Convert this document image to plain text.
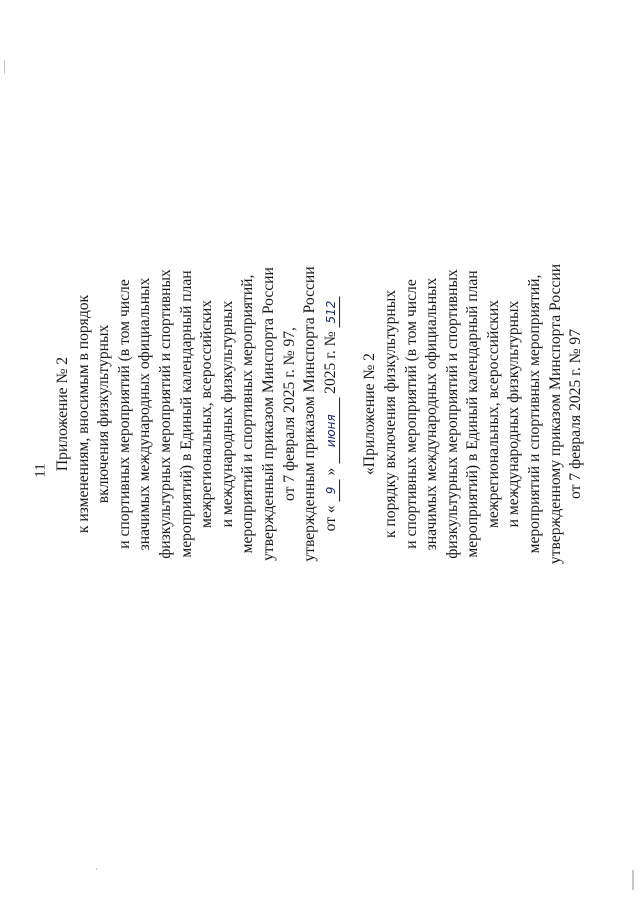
11 Приложение № 2 к изменениям, вносимым в порядок включения физкультурных и спортивных мероприятий (в том числе значимых международных официальных физкультурных мероприятий и спортивных мероприятий) в Единый календарный план межрегиональных, всероссийских и международных физкультурных мероприятий и спортивных мероприятий, утвержденный приказом Минспорта России от 7 февраля 2025 г. № 97, утвержденным приказом Минспорта России от « 9 » июня 2025 г. № 512
«Приложение № 2 к порядку включения физкультурных и спортивных мероприятий (в том числе значимых международных официальных физкультурных мероприятий и спортивных мероприятий) в Единый календарный план межрегиональных, всероссийских и международных физкультурных мероприятий и спортивных мероприятий, утвержденному приказом Минспорта России от 7 февраля 2025 г. № 97
